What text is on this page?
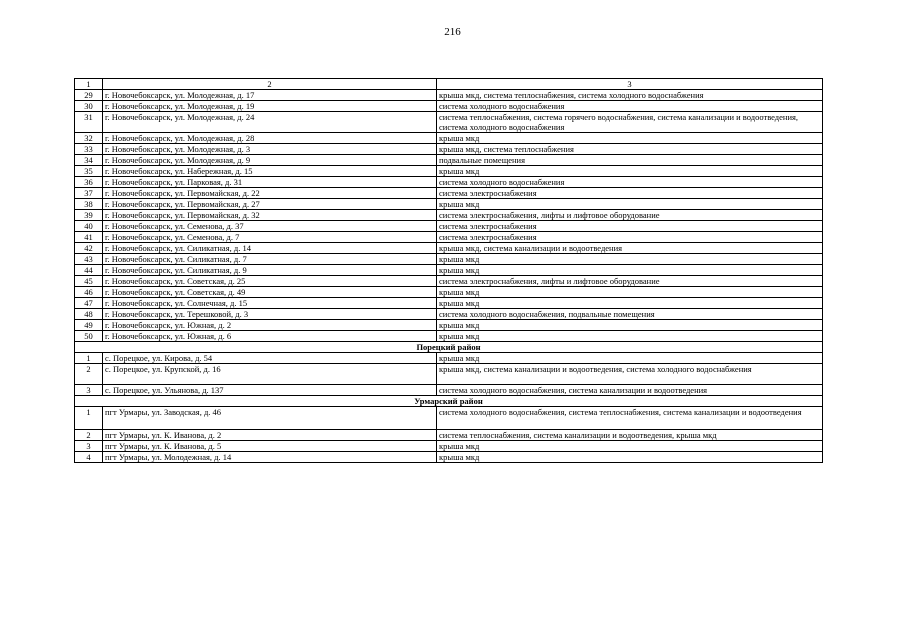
216
1	2	3
29	г. Новочебоксарск, ул. Молодежная, д. 17	крыша мкд, система теплоснабжения, система холодного водоснабжения
30	г. Новочебоксарск, ул. Молодежная, д. 19	система холодного водоснабжения
31	г. Новочебоксарск, ул. Молодежная, д. 24	система теплоснабжения, система горячего водоснабжения, система канализации и водоотведения, система холодного водоснабжения
32	г. Новочебоксарск, ул. Молодежная, д. 28	крыша мкд
33	г. Новочебоксарск, ул. Молодежная, д. 3	крыша мкд, система теплоснабжения
34	г. Новочебоксарск, ул. Молодежная, д. 9	подвальные помещения
35	г. Новочебоксарск, ул. Набережная, д. 15	крыша мкд
36	г. Новочебоксарск, ул. Парковая, д. 31	система холодного водоснабжения
37	г. Новочебоксарск, ул. Первомайская, д. 22	система электроснабжения
38	г. Новочебоксарск, ул. Первомайская, д. 27	крыша мкд
39	г. Новочебоксарск, ул. Первомайская, д. 32	система электроснабжения, лифты и лифтовое оборудование
40	г. Новочебоксарск, ул. Семенова, д. 37	система электроснабжения
41	г. Новочебоксарск, ул. Семенова, д. 7	система электроснабжения
42	г. Новочебоксарск, ул. Силикатная, д. 14	крыша мкд, система канализации и водоотведения
43	г. Новочебоксарск, ул. Силикатная, д. 7	крыша мкд
44	г. Новочебоксарск, ул. Силикатная, д. 9	крыша мкд
45	г. Новочебоксарск, ул. Советская, д. 25	система электроснабжения, лифты и лифтовое оборудование
46	г. Новочебоксарск, ул. Советская, д. 49	крыша мкд
47	г. Новочебоксарск, ул. Солнечная, д. 15	крыша мкд
48	г. Новочебоксарск, ул. Терешковой, д. 3	система холодного водоснабжения, подвальные помещения
49	г. Новочебоксарск, ул. Южная, д. 2	крыша мкд
50	г. Новочебоксарск, ул. Южная, д. 6	крыша мкд
Порецкий район		
1	с. Порецкое, ул. Кирова, д. 54	крыша мкд
2	с. Порецкое, ул. Крупской, д. 16	крыша мкд, система канализации и водоотведения, система холодного водоснабжения
3	с. Порецкое, ул. Ульянова, д. 137	система холодного водоснабжения, система канализации и водоотведения
Урмарский район		
1	пгт Урмары, ул. Заводская, д. 46	система холодного водоснабжения, система теплоснабжения, система канализации и водоотведения
2	пгт Урмары, ул. К. Иванова, д. 2	система теплоснабжения, система канализации и водоотведения, крыша мкд
3	пгт Урмары, ул. К. Иванова, д. 5	крыша мкд
4	пгт Урмары, ул. Молодежная, д. 14	крыша мкд
